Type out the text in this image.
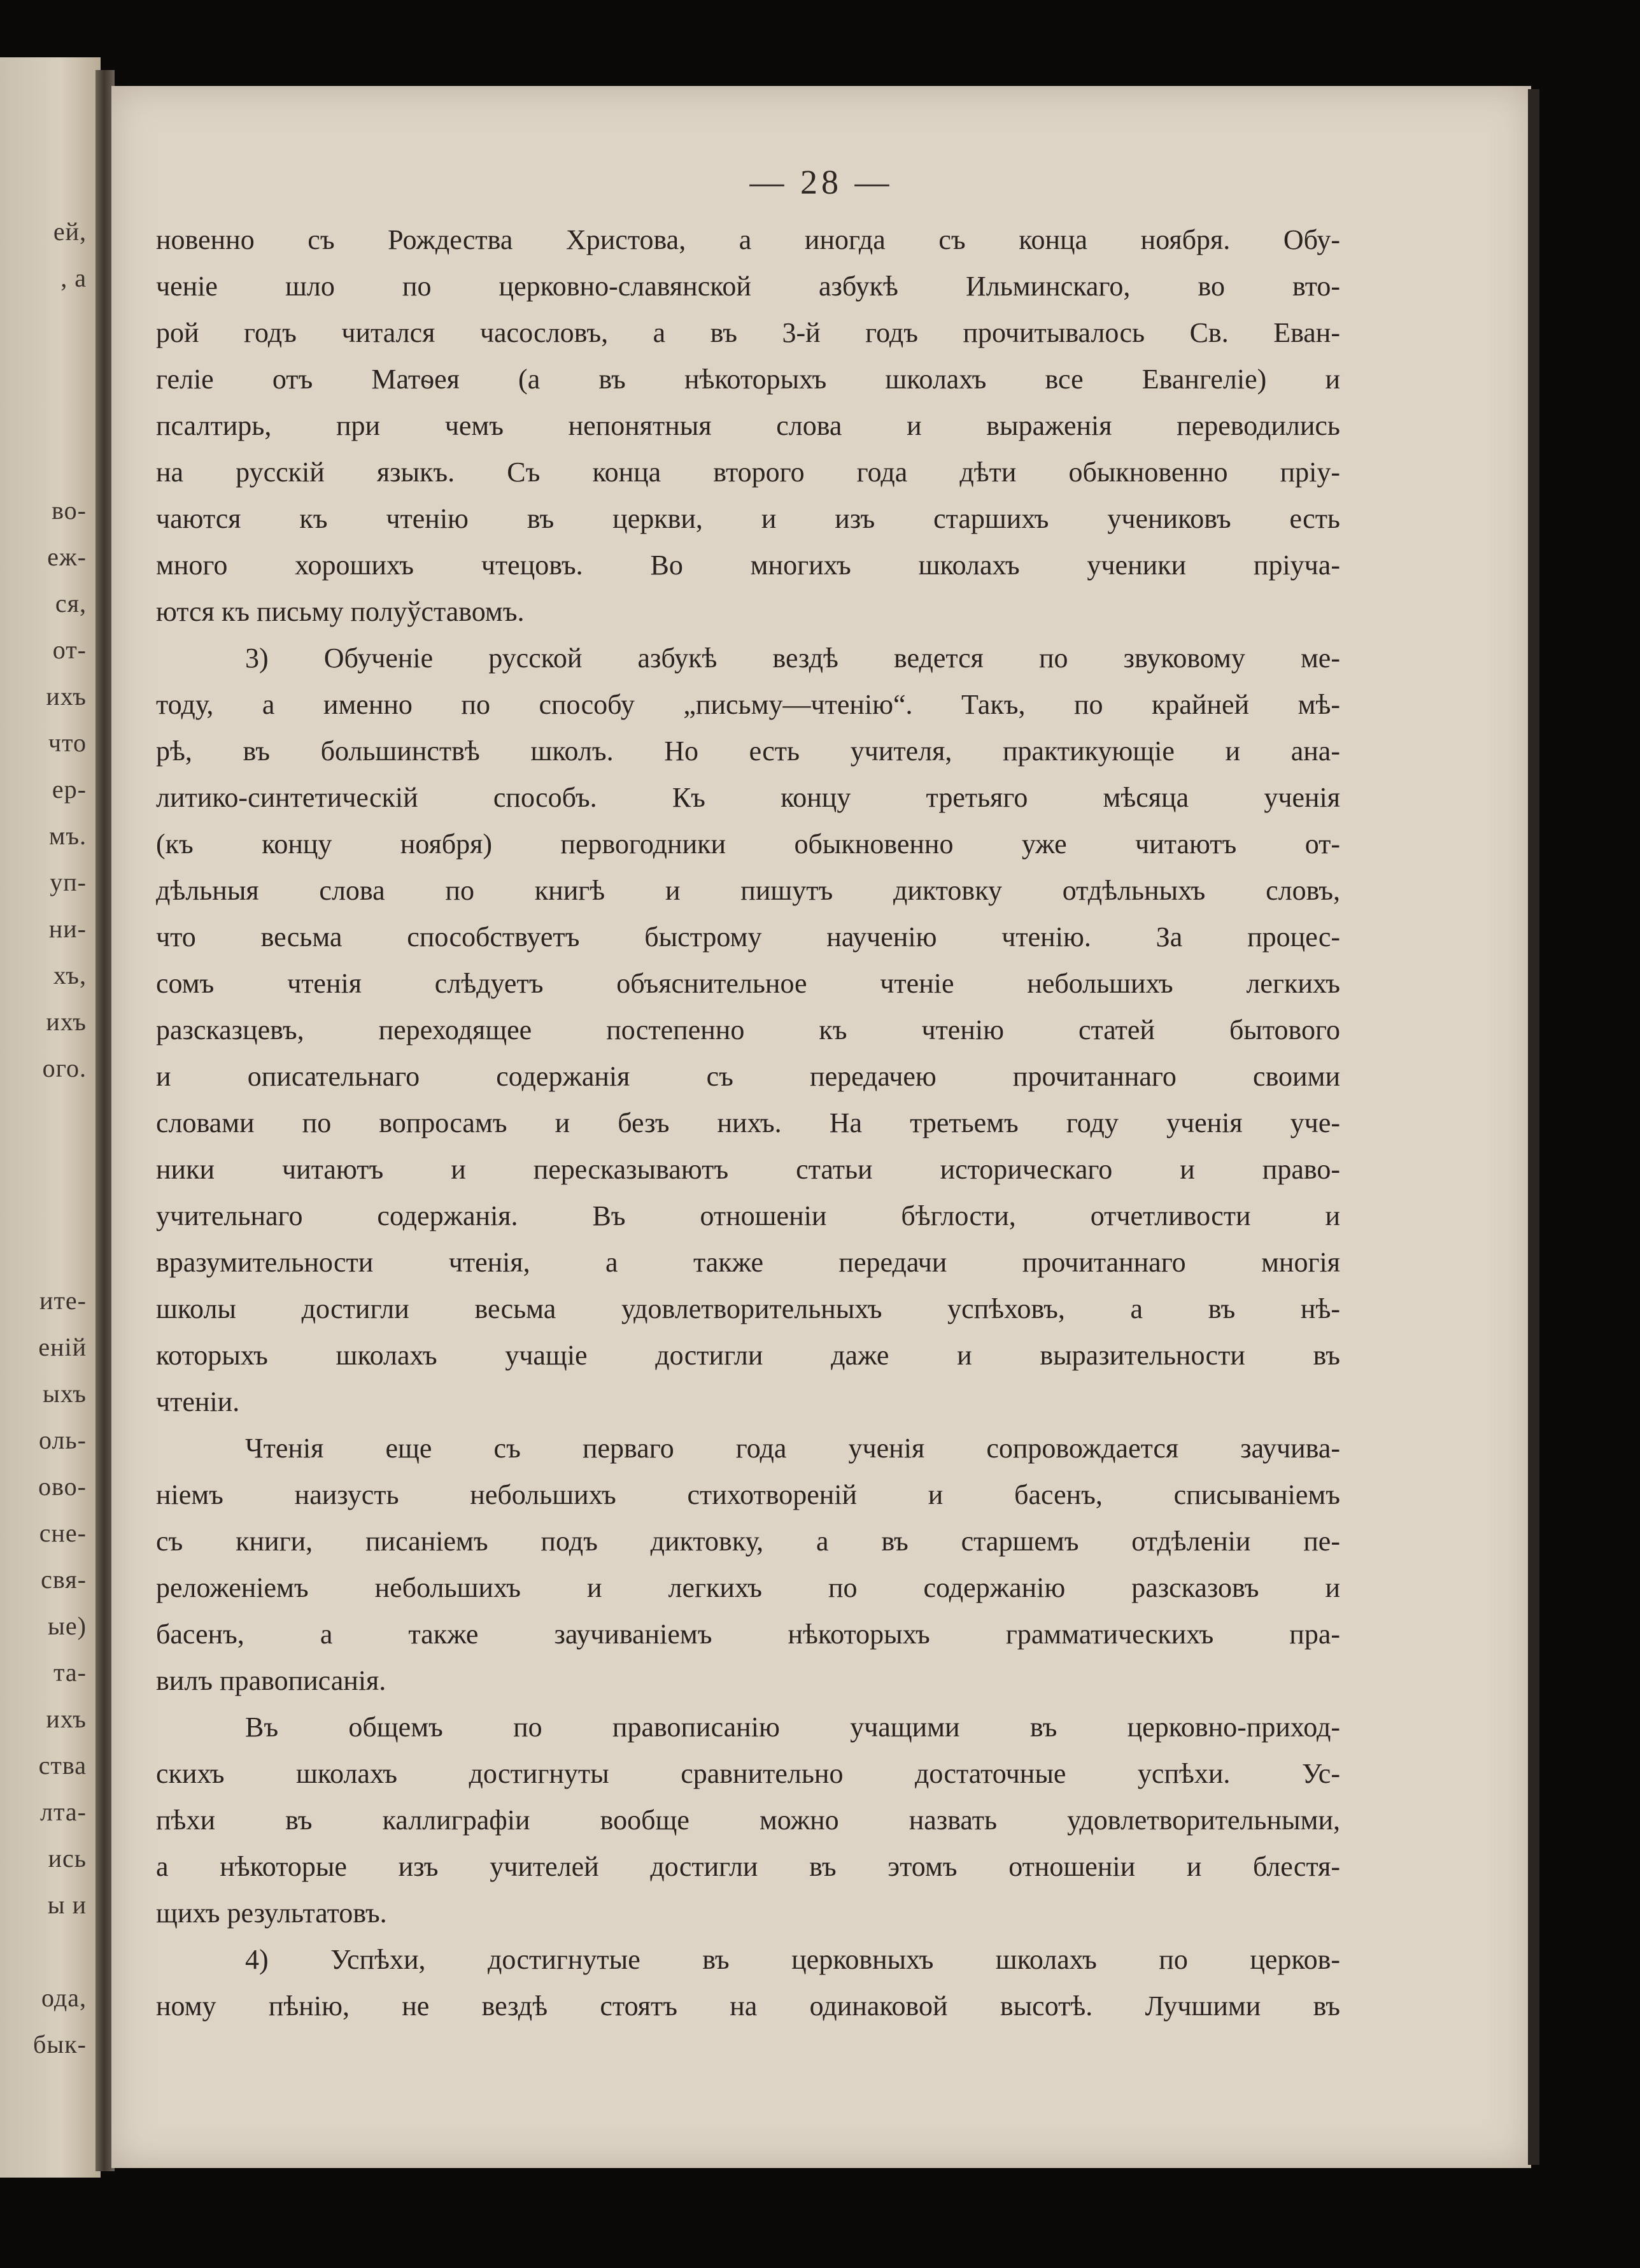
ей,
, а
во-
еж-
ся,
от-
ихъ
что
ер-
мъ.
уп-
ни-
хъ,
ихъ
ого.
ите-
еній
ыхъ
оль-
ово-
сне-
свя-
ые)
та-
ихъ
ства
лта-
ись
ы и
ода,
бык-
— 28 —
новенно съ Рождества Христова, а иногда съ конца ноября. Обу-
ченіе шло по церковно-славянской азбукѣ Ильминскаго, во вто-
рой годъ читался часословъ, а въ 3-й годъ прочитывалось Св. Еван-
геліе отъ Матѳея (а въ нѣкоторыхъ школахъ все Евангеліе) и
псалтирь, при чемъ непонятныя слова и выраженія переводились
на русскій языкъ. Съ конца второго года дѣти обыкновенно пріу-
чаются къ чтенію въ церкви, и изъ старшихъ учениковъ есть
много хорошихъ чтецовъ. Во многихъ школахъ ученики пріуча-
ются къ письму полуўставомъ.
3) Обученіе русской азбукѣ вездѣ ведется по звуковому ме-
тоду, а именно по способу „письму—чтенію“. Такъ, по крайней мѣ-
рѣ, въ большинствѣ школъ. Но есть учителя, практикующіе и ана-
литико-синтетическій способъ. Къ концу третьяго мѣсяца ученія
(къ концу ноября) первогодники обыкновенно уже читаютъ от-
дѣльныя слова по книгѣ и пишутъ диктовку отдѣльныхъ словъ,
что весьма способствуетъ быстрому наученію чтенію. За процес-
сомъ чтенія слѣдуетъ объяснительное чтеніе небольшихъ легкихъ
разсказцевъ, переходящее постепенно къ чтенію статей бытового
и описательнаго содержанія съ передачею прочитаннаго своими
словами по вопросамъ и безъ нихъ. На третьемъ году ученія уче-
ники читаютъ и пересказываютъ статьи историческаго и право-
учительнаго содержанія. Въ отношеніи бѣглости, отчетливости и
вразумительности чтенія, а также передачи прочитаннаго многія
школы достигли весьма удовлетворительныхъ успѣховъ, а въ нѣ-
которыхъ школахъ учащіе достигли даже и выразительности въ
чтеніи.
Чтенія еще съ перваго года ученія сопровождается заучива-
ніемъ наизусть небольшихъ стихотвореній и басенъ, списываніемъ
съ книги, писаніемъ подъ диктовку, а въ старшемъ отдѣленіи пе-
реложеніемъ небольшихъ и легкихъ по содержанію разсказовъ и
басенъ, а также заучиваніемъ нѣкоторыхъ грамматическихъ пра-
вилъ правописанія.
Въ общемъ по правописанію учащими въ церковно-приход-
скихъ школахъ достигнуты сравнительно достаточные успѣхи. Ус-
пѣхи въ каллиграфіи вообще можно назвать удовлетворительными,
а нѣкоторые изъ учителей достигли въ этомъ отношеніи и блестя-
щихъ результатовъ.
4) Успѣхи, достигнутые въ церковныхъ школахъ по церков-
ному пѣнію, не вездѣ стоятъ на одинаковой высотѣ. Лучшими въ
